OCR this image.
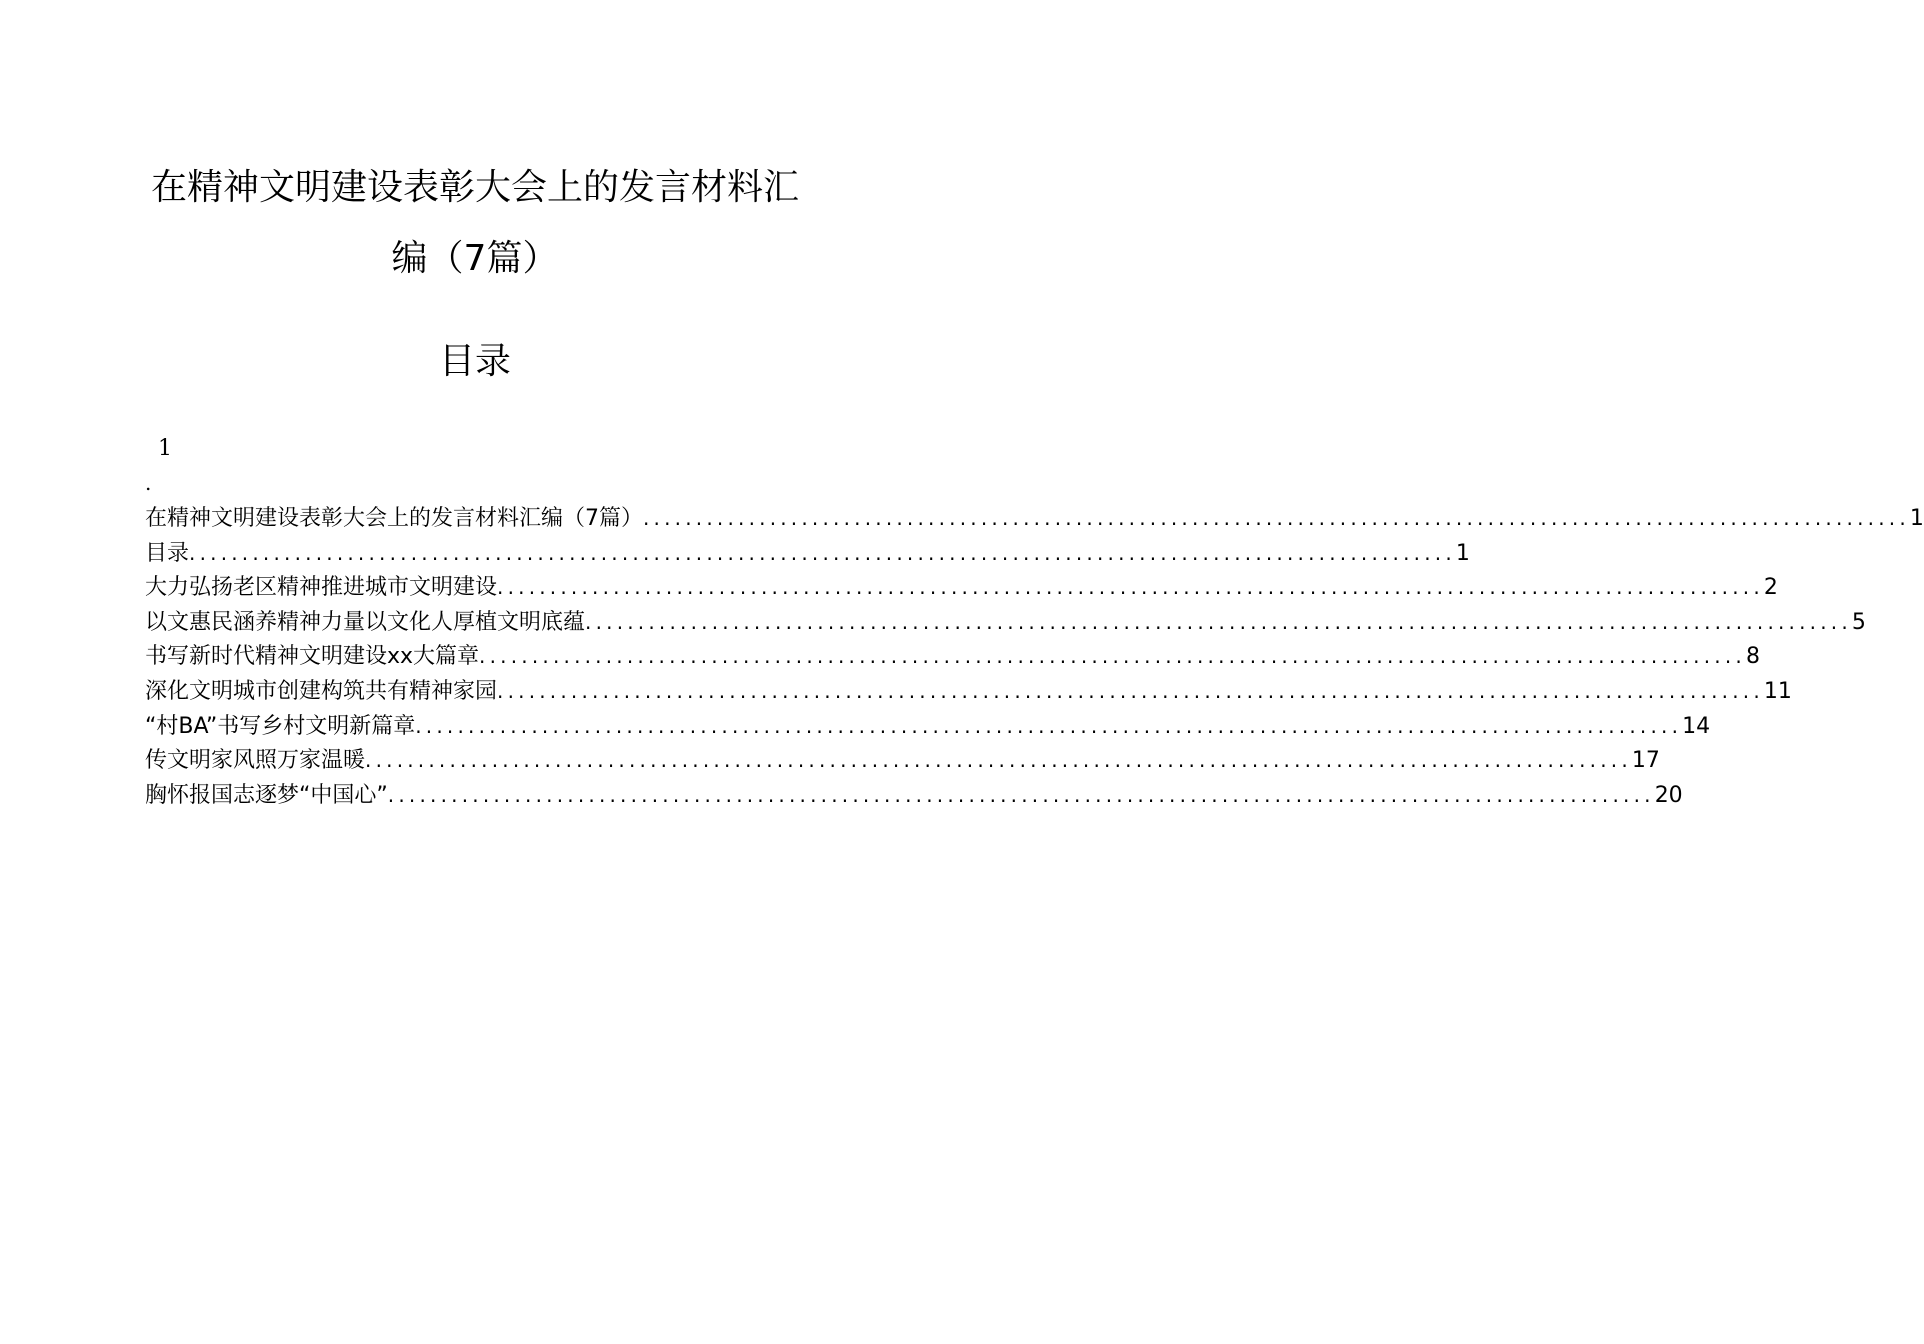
在精神文明建设表彰大会上的发言材料汇
编（7篇）
目录
1
.
在精神文明建设表彰大会上的发言材料汇编（7篇） ........................................................................................................................ 1
目录 ........................................................................................................................ 1
大力弘扬老区精神推进城市文明建设 ........................................................................................................................ 2
以文惠民涵养精神力量以文化人厚植文明底蕴 ........................................................................................................................ 5
书写新时代精神文明建设xx大篇章 ........................................................................................................................ 8
深化文明城市创建构筑共有精神家园 ........................................................................................................................ 11
“村BA”书写乡村文明新篇章 ........................................................................................................................ 14
传文明家风照万家温暖 ........................................................................................................................ 17
胸怀报国志逐梦“中国心” ........................................................................................................................ 20
